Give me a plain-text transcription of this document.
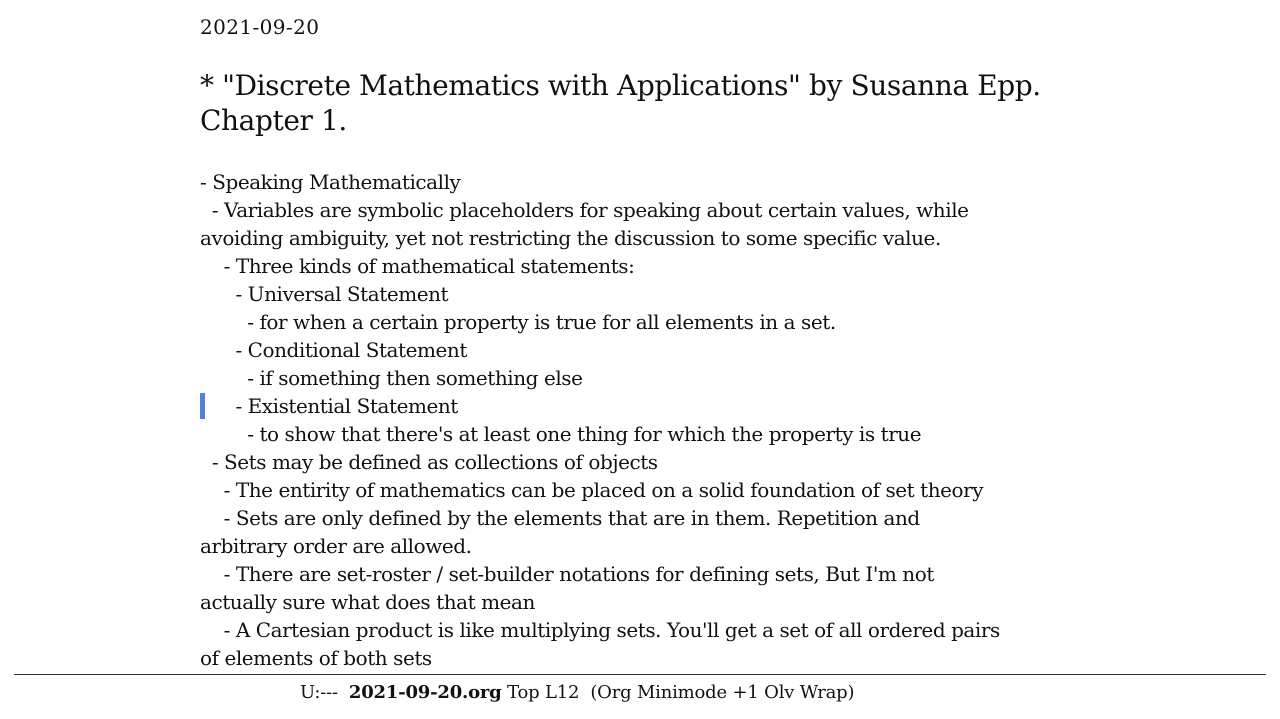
2021-09-20
* "Discrete Mathematics with Applications" by Susanna Epp. Chapter 1.
- Speaking Mathematically
- Variables are symbolic placeholders for speaking about certain values, while
avoiding ambiguity, yet not restricting the discussion to some specific value.
- Three kinds of mathematical statements:
- Universal Statement
- for when a certain property is true for all elements in a set.
- Conditional Statement
- if something then something else
- Existential Statement
- to show that there's at least one thing for which the property is true
- Sets may be defined as collections of objects
- The entirity of mathematics can be placed on a solid foundation of set theory
- Sets are only defined by the elements that are in them. Repetition and
arbitrary order are allowed.
- There are set-roster / set-builder notations for defining sets, But I'm not
actually sure what does that mean
- A Cartesian product is like multiplying sets. You'll get a set of all ordered pairs
of elements of both sets
U:--- 2021-09-20.org Top L12 (Org Minimode +1 Olv Wrap)
